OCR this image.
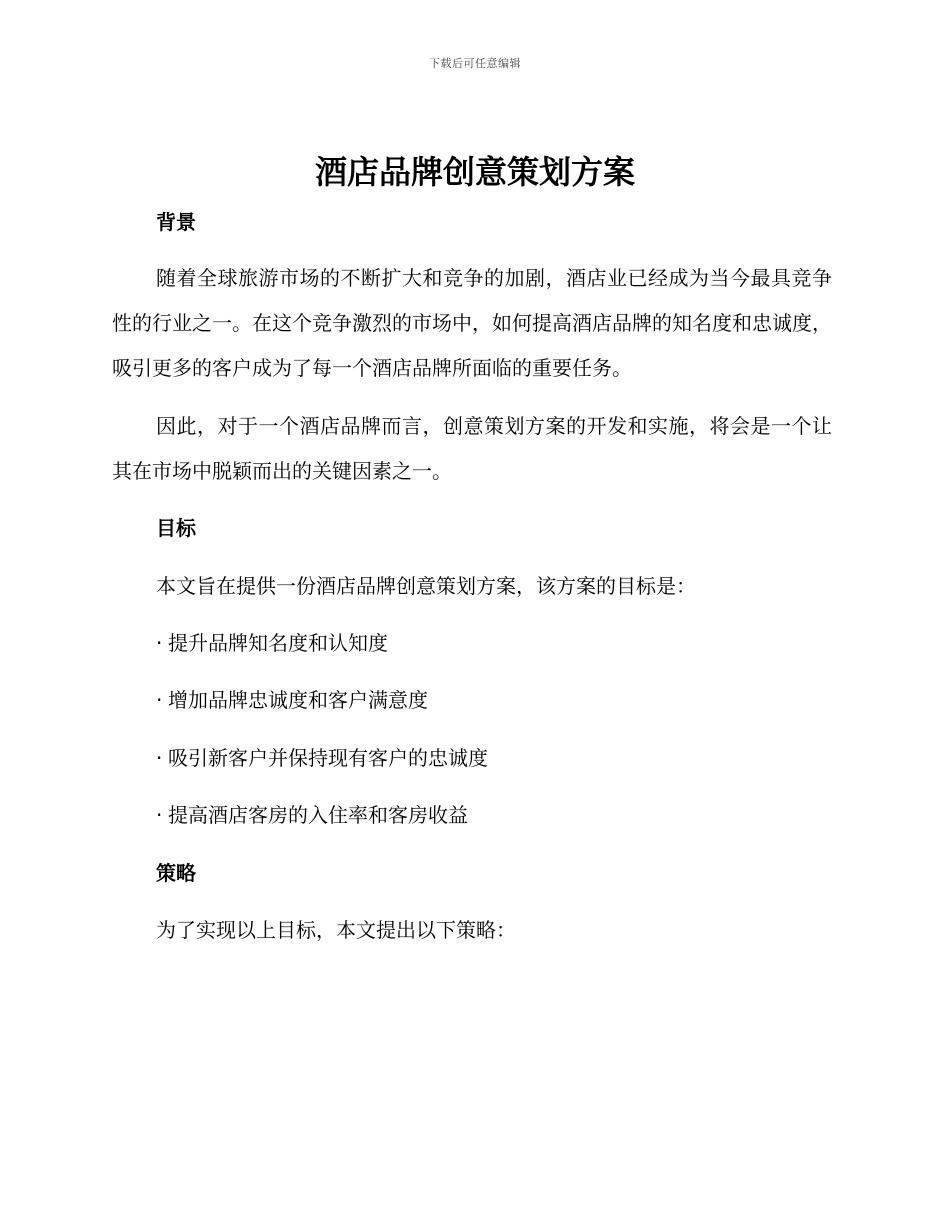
下载后可任意编辑
酒店品牌创意策划方案
背景

随着全球旅游市场的不断扩大和竞争的加剧，酒店业已经成为当今最具竞争性的行业之一。在这个竞争激烈的市场中，如何提高酒店品牌的知名度和忠诚度，吸引更多的客户成为了每一个酒店品牌所面临的重要任务。

因此，对于一个酒店品牌而言，创意策划方案的开发和实施，将会是一个让其在市场中脱颖而出的关键因素之一。

目标

本文旨在提供一份酒店品牌创意策划方案，该方案的目标是：

· 提升品牌知名度和认知度
· 增加品牌忠诚度和客户满意度
· 吸引新客户并保持现有客户的忠诚度
· 提高酒店客房的入住率和客房收益
策略

为了实现以上目标，本文提出以下策略：
